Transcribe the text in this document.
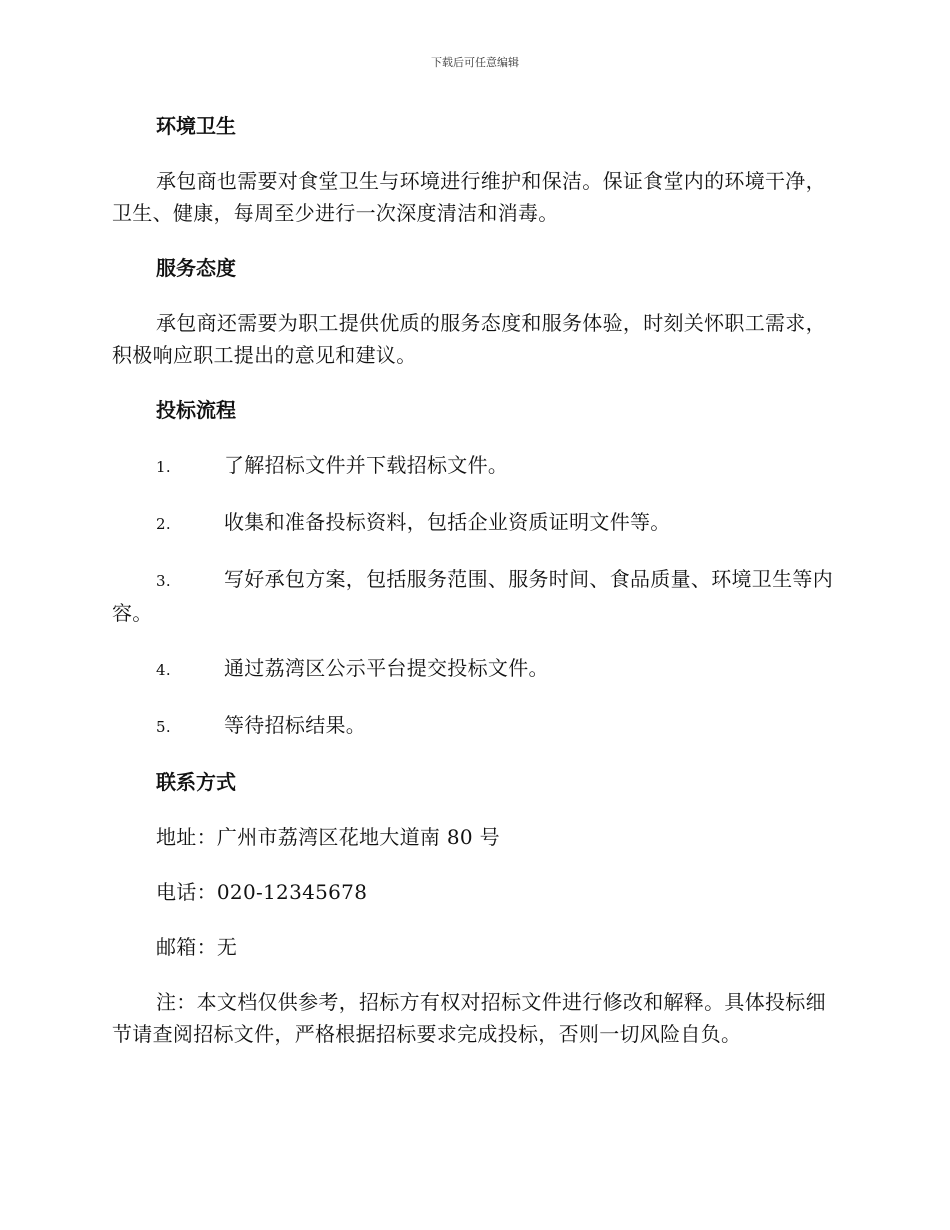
下载后可任意编辑
环境卫生

承包商也需要对食堂卫生与环境进行维护和保洁。保证食堂内的环境干净，卫生、健康，每周至少进行一次深度清洁和消毒。

服务态度

承包商还需要为职工提供优质的服务态度和服务体验，时刻关怀职工需求，积极响应职工提出的意见和建议。

投标流程
1.	了解招标文件并下载招标文件。
2.	收集和准备投标资料，包括企业资质证明文件等。
3.	写好承包方案，包括服务范围、服务时间、食品质量、环境卫生等内容。
4.	通过荔湾区公示平台提交投标文件。
5.	等待招标结果。
联系方式
地址：广州市荔湾区花地大道南 80 号
电话：020-12345678
邮箱：无

注：本文档仅供参考，招标方有权对招标文件进行修改和解释。具体投标细节请查阅招标文件，严格根据招标要求完成投标，否则一切风险自负。
